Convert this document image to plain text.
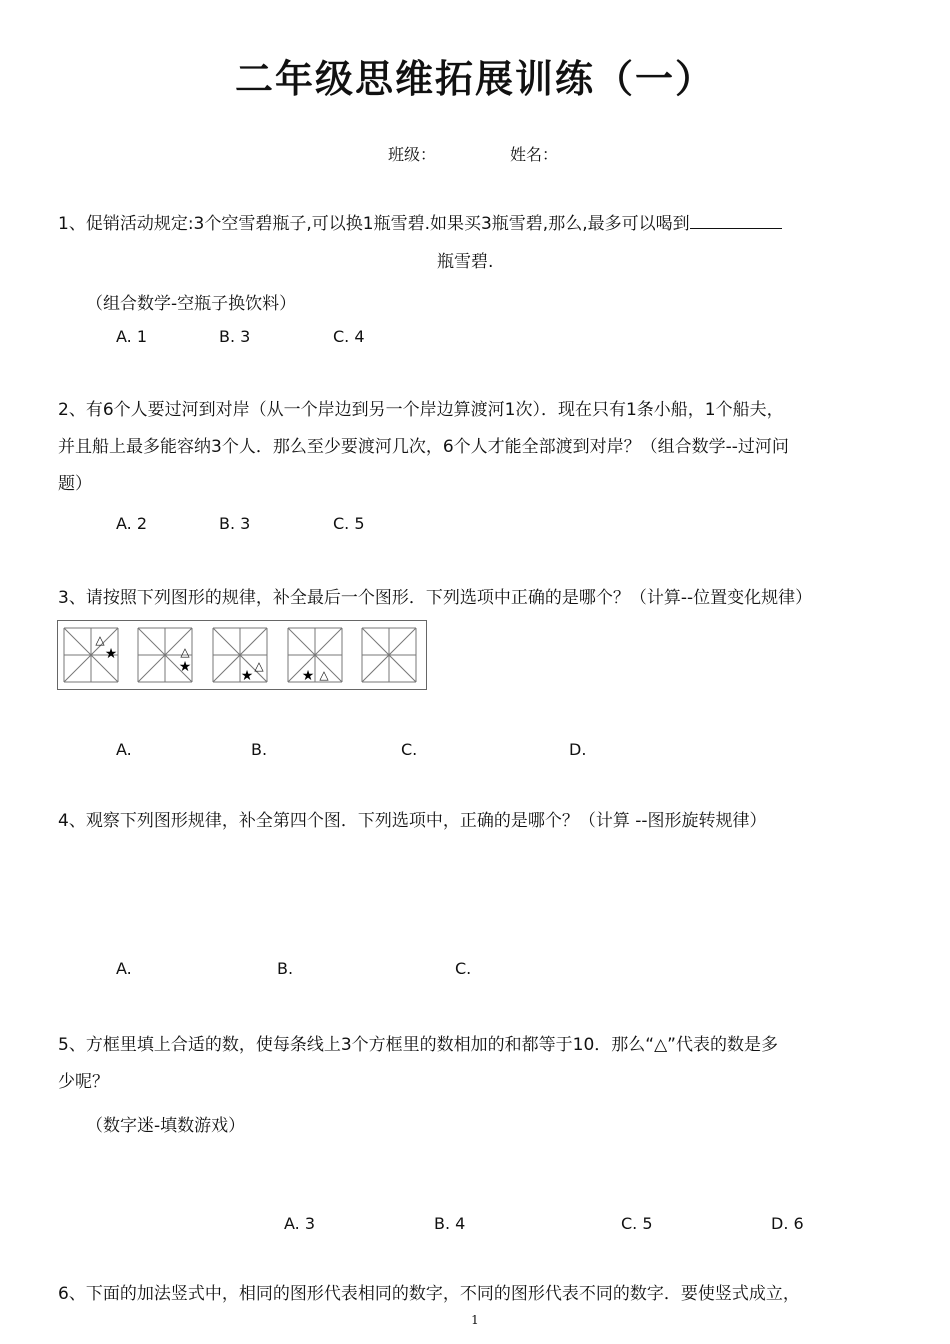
二年级思维拓展训练（一）
班级：	姓名：
1、促销活动规定:3个空雪碧瓶子,可以换1瓶雪碧.如果买3瓶雪碧,那么,最多可以喝到
瓶雪碧.
（组合数学-空瓶子换饮料）
A. 1	B. 3	C. 4
2、有6个人要过河到对岸（从一个岸边到另一个岸边算渡河1次）．现在只有1条小船，1个船夫，
并且船上最多能容纳3个人．那么至少要渡河几次，6个人才能全部渡到对岸？（组合数学--过河问
题）
A. 2	B. 3	C. 5
3、请按照下列图形的规律，补全最后一个图形．下列选项中正确的是哪个？（计算--位置变化规律）
△
★	△
★	△
★	△
★
A.	B.	C.	D.
4、观察下列图形规律，补全第四个图．下列选项中，正确的是哪个？（计算 --图形旋转规律）
A.	B.	C.
5、方框里填上合适的数，使每条线上3个方框里的数相加的和都等于10．那么“△”代表的数是多
少呢？
（数字迷-填数游戏）
A. 3	B. 4	C. 5	D. 6
6、下面的加法竖式中，相同的图形代表相同的数字，不同的图形代表不同的数字．要使竖式成立，
1
